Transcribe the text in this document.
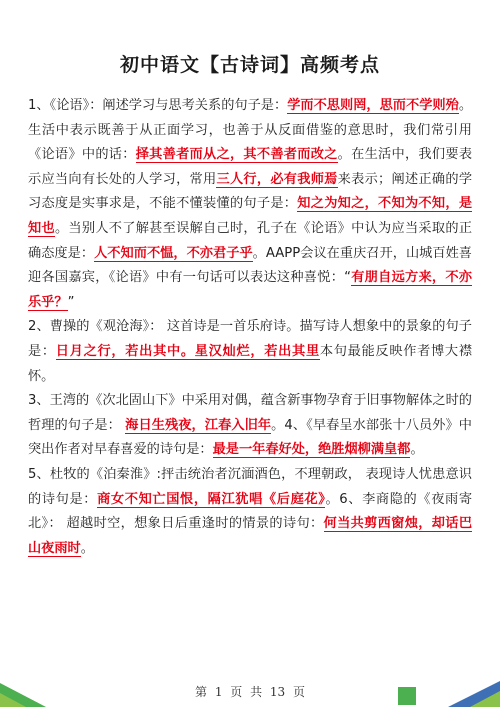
初中语文【古诗词】高频考点

1、《论语》：阐述学习与思考关系的句子是：学而不思则罔，思而不学则殆。生活中表示既善于从正面学习，也善于从反面借鉴的意思时，我们常引用《论语》中的话：择其善者而从之，其不善者而改之。在生活中，我们要表示应当向有长处的人学习，常用三人行，必有我师焉来表示；阐述正确的学习态度是实事求是，不能不懂装懂的句子是：知之为知之，不知为不知，是知也。当别人不了解甚至误解自己时，孔子在《论语》中认为应当采取的正确态度是：人不知而不愠，不亦君子乎。AAPP会议在重庆召开，山城百姓喜迎各国嘉宾，《论语》中有一句话可以表达这种喜悦：“有朋自远方来，不亦乐乎？”

2、曹操的《观沧海》： 这首诗是一首乐府诗。描写诗人想象中的景象的句子是：日月之行，若出其中。星汉灿烂，若出其里本句最能反映作者博大襟怀。

3、王湾的《次北固山下》中采用对偶，蕴含新事物孕育于旧事物解体之时的哲理的句子是： 海日生残夜，江春入旧年。4、《早春呈水部张十八员外》中突出作者对早春喜爱的诗句是：最是一年春好处，绝胜烟柳满皇都。

5、杜牧的《泊秦淮》:抨击统治者沉湎酒色，不理朝政， 表现诗人忧患意识的诗句是：商女不知亡国恨，隔江犹唱《后庭花》。6、李商隐的《夜雨寄北》： 超越时空，想象日后重逢时的情景的诗句：何当共剪西窗烛，却话巴山夜雨时。

第 1 页 共 13 页
